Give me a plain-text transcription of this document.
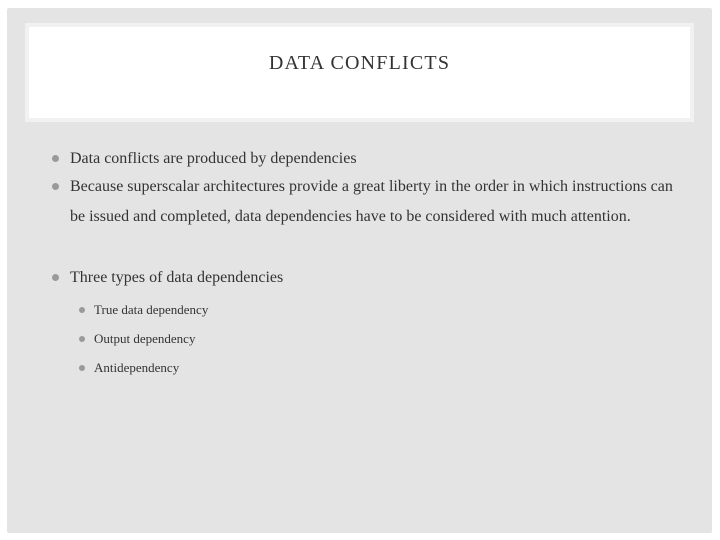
DATA CONFLICTS
Data conflicts are produced by dependencies
Because superscalar architectures provide a great liberty in the order in which instructions can be issued and completed, data dependencies have to be considered with much attention.
Three types of data dependencies
True data dependency
Output dependency
Antidependency
